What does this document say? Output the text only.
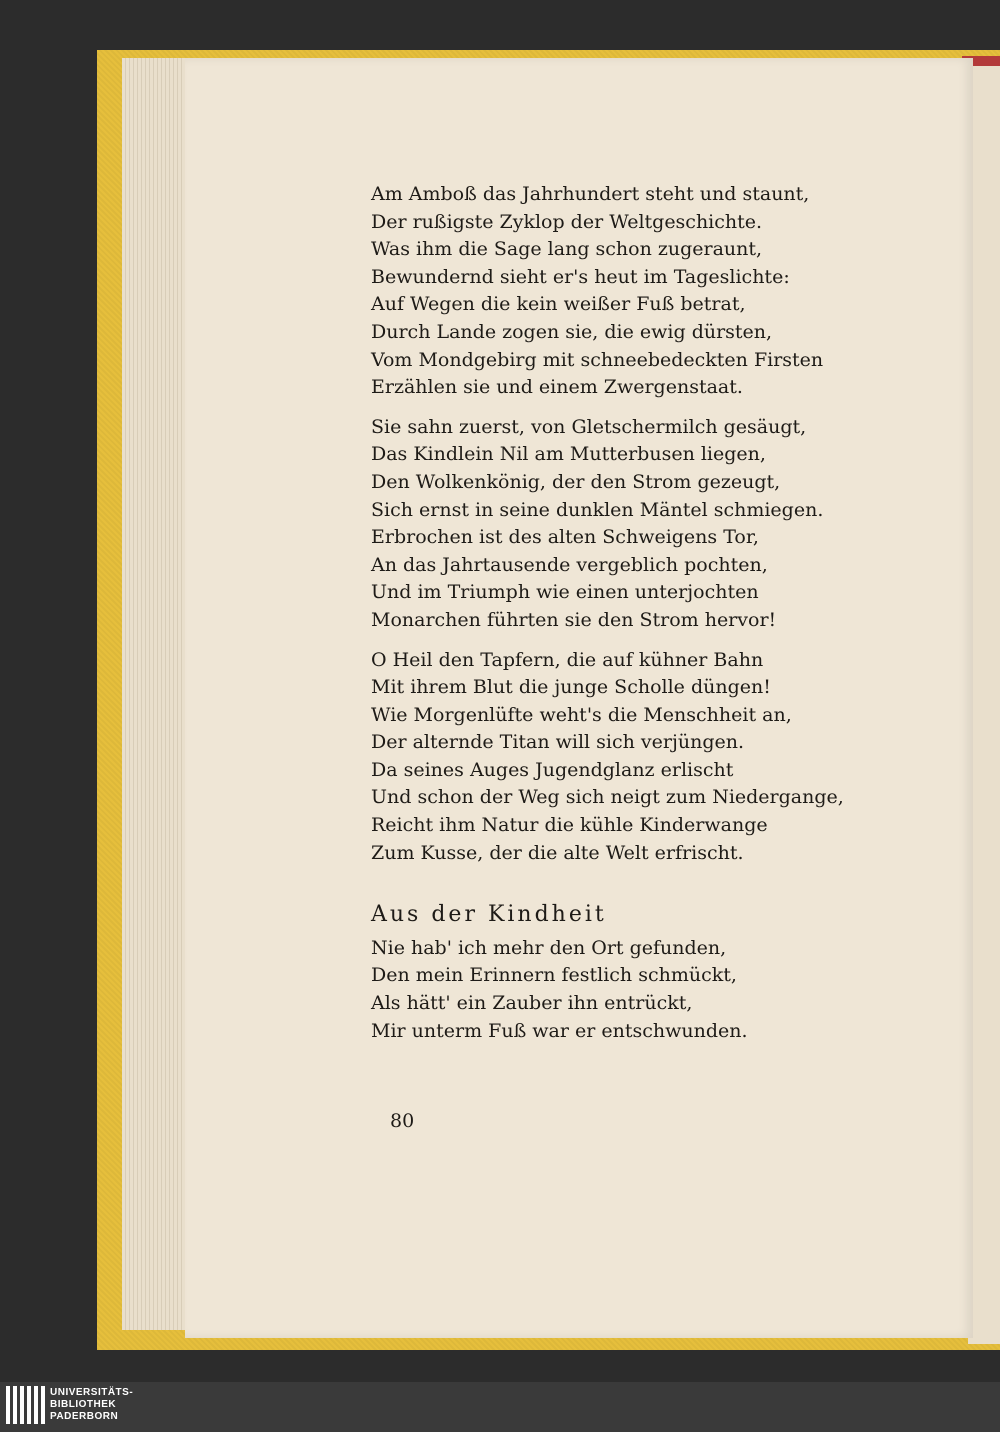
Am Amboß das Jahrhundert steht und staunt,
Der rußigste Zyklop der Weltgeschichte.
Was ihm die Sage lang schon zugeraunt,
Bewundernd sieht er's heut im Tageslichte:
Auf Wegen die kein weißer Fuß betrat,
Durch Lande zogen sie, die ewig dürsten,
Vom Mondgebirg mit schneebedeckten Firsten
Erzählen sie und einem Zwergenstaat.
Sie sahn zuerst, von Gletschermilch gesäugt,
Das Kindlein Nil am Mutterbusen liegen,
Den Wolkenkönig, der den Strom gezeugt,
Sich ernst in seine dunklen Mäntel schmiegen.
Erbrochen ist des alten Schweigens Tor,
An das Jahrtausende vergeblich pochten,
Und im Triumph wie einen unterjochten
Monarchen führten sie den Strom hervor!
O Heil den Tapfern, die auf kühner Bahn
Mit ihrem Blut die junge Scholle düngen!
Wie Morgenlüfte weht's die Menschheit an,
Der alternde Titan will sich verjüngen.
Da seines Auges Jugendglanz erlischt
Und schon der Weg sich neigt zum Niedergange,
Reicht ihm Natur die kühle Kinderwange
Zum Kusse, der die alte Welt erfrischt.
Aus der Kindheit
Nie hab' ich mehr den Ort gefunden,
Den mein Erinnern festlich schmückt,
Als hätt' ein Zauber ihn entrückt,
Mir unterm Fuß war er entschwunden.
80
UNIVERSITÄTS-
BIBLIOTHEK
PADERBORN
